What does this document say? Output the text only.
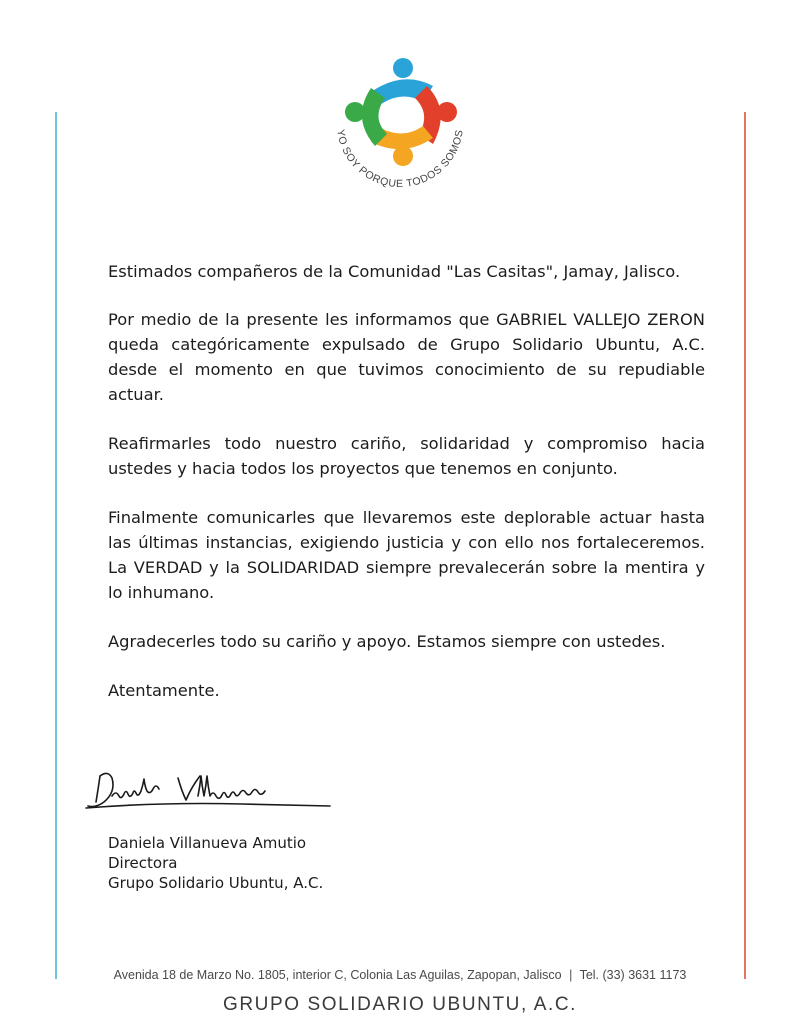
YO SOY PORQUE TODOS SOMOS

Estimados compañeros de la Comunidad "Las Casitas", Jamay, Jalisco.

Por medio de la presente les informamos que GABRIEL VALLEJO ZERON queda categóricamente expulsado de Grupo Solidario Ubuntu, A.C. desde el momento en que tuvimos conocimiento de su repudiable actuar.

Reafirmarles todo nuestro cariño, solidaridad y compromiso hacia ustedes y hacia todos los proyectos que tenemos en conjunto.

Finalmente comunicarles que llevaremos este deplorable actuar hasta las últimas instancias, exigiendo justicia y con ello nos fortaleceremos. La VERDAD y la SOLIDARIDAD siempre prevalecerán sobre la mentira y lo inhumano.

Agradecerles todo su cariño y apoyo. Estamos siempre con ustedes.

Atentamente.

Daniela Villanueva Amutio
Directora
Grupo Solidario Ubuntu, A.C.
Avenida 18 de Marzo No. 1805, interior C, Colonia Las Aguilas, Zapopan, Jalisco | Tel. (33) 3631 1173
GRUPO SOLIDARIO UBUNTU, A.C.
